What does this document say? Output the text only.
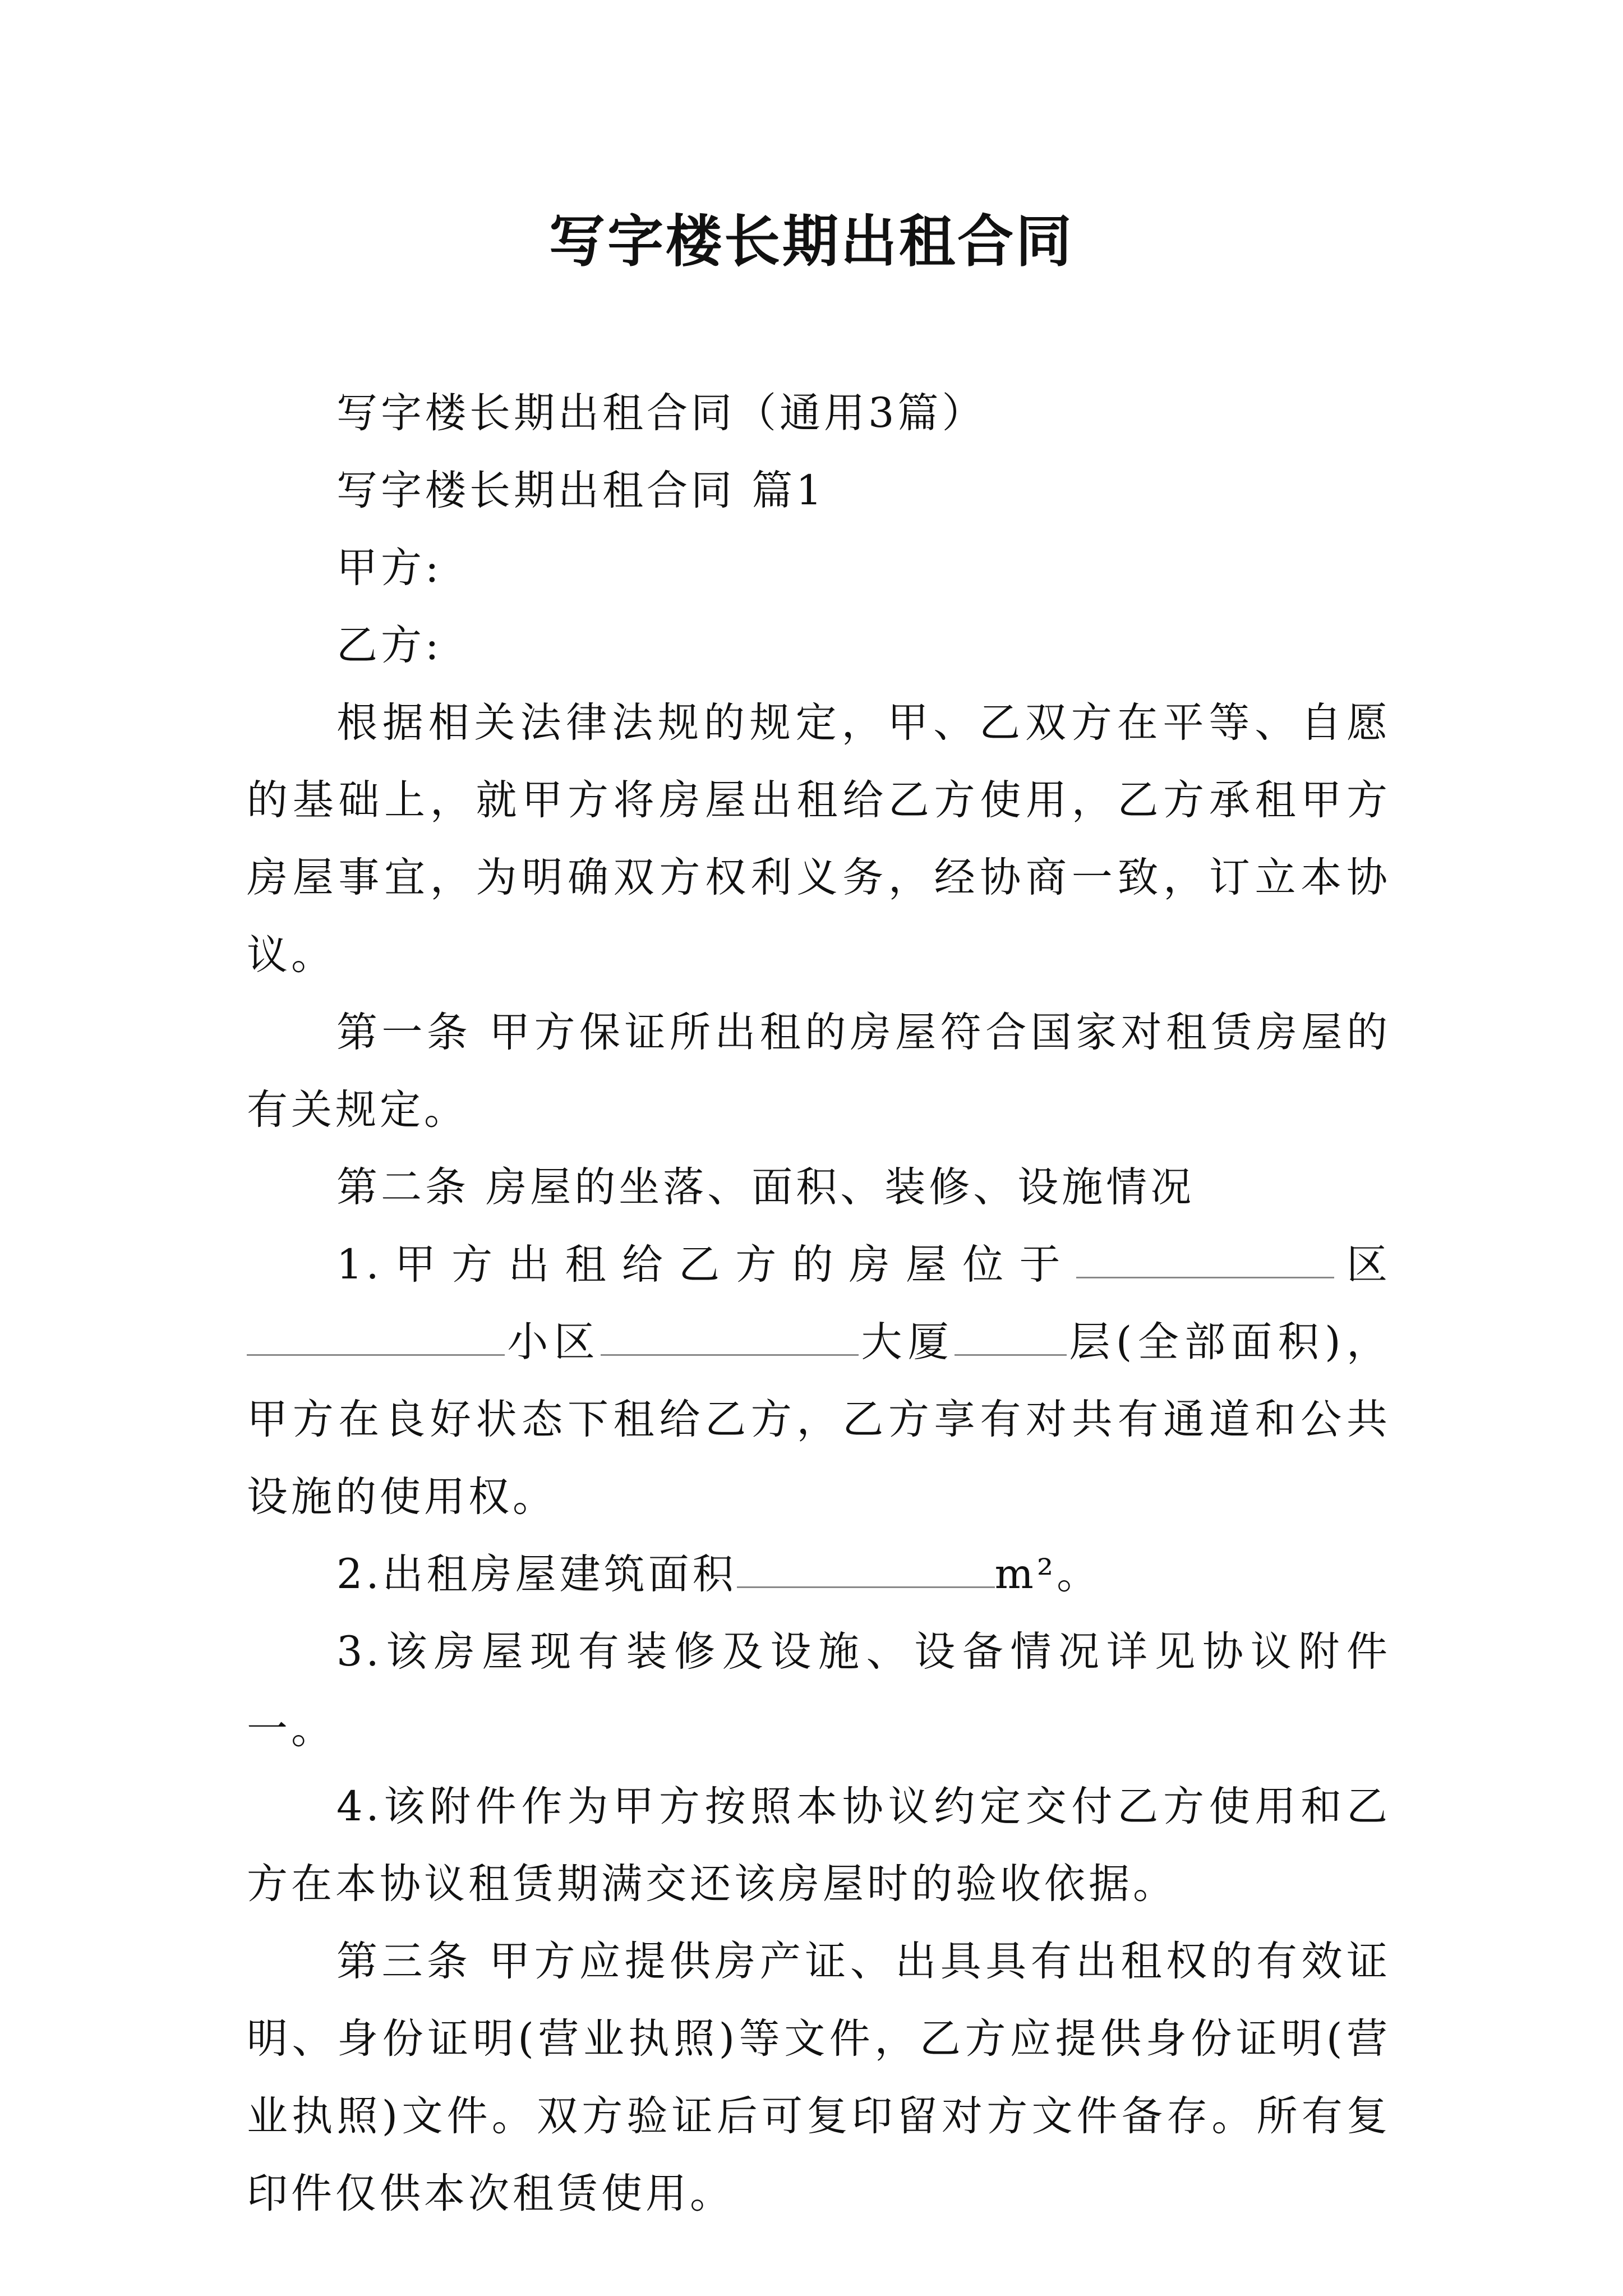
写字楼长期出租合同

写字楼长期出租合同（通用3篇）

写字楼长期出租合同 篇1

甲方:

乙方:

根据相关法律法规的规定，甲、乙双方在平等、自愿的基础上，就甲方将房屋出租给乙方使用，乙方承租甲方房屋事宜，为明确双方权利义务，经协商一致，订立本协议。

第一条 甲方保证所出租的房屋符合国家对租赁房屋的有关规定。

第二条 房屋的坐落、面积、装修、设施情况

1.甲方出租给乙方的房屋位于	区小区	大厦	层(全部面积)，甲方在良好状态下租给乙方，乙方享有对共有通道和公共设施的使用权。

2.出租房屋建筑面积	m²。

3.该房屋现有装修及设施、设备情况详见协议附件一。

4.该附件作为甲方按照本协议约定交付乙方使用和乙方在本协议租赁期满交还该房屋时的验收依据。

第三条 甲方应提供房产证、出具具有出租权的有效证明、身份证明(营业执照)等文件，乙方应提供身份证明(营业执照)文件。双方验证后可复印留对方文件备存。所有复印件仅供本次租赁使用。
